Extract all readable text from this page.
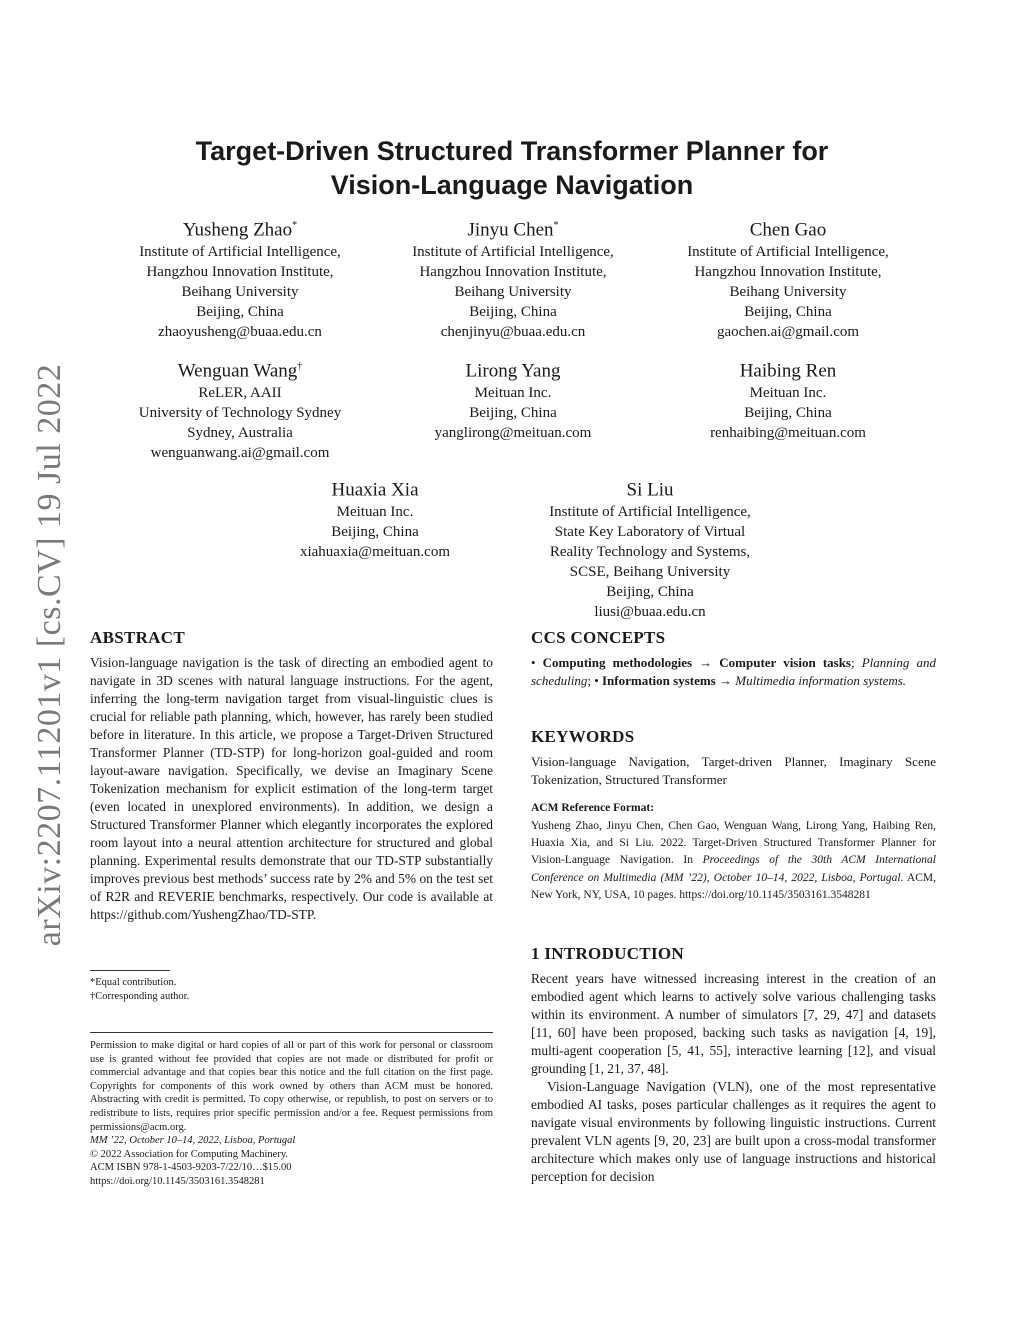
arXiv:2207.11201v1 [cs.CV] 19 Jul 2022
Target-Driven Structured Transformer Planner for
Vision-Language Navigation
Yusheng Zhao*
Institute of Artificial Intelligence,
Hangzhou Innovation Institute,
Beihang University
Beijing, China
zhaoyusheng@buaa.edu.cn
Jinyu Chen*
Institute of Artificial Intelligence,
Hangzhou Innovation Institute,
Beihang University
Beijing, China
chenjinyu@buaa.edu.cn
Chen Gao
Institute of Artificial Intelligence,
Hangzhou Innovation Institute,
Beihang University
Beijing, China
gaochen.ai@gmail.com
Wenguan Wang†
ReLER, AAII
University of Technology Sydney
Sydney, Australia
wenguanwang.ai@gmail.com
Lirong Yang
Meituan Inc.
Beijing, China
yanglirong@meituan.com
Haibing Ren
Meituan Inc.
Beijing, China
renhaibing@meituan.com
Huaxia Xia
Meituan Inc.
Beijing, China
xiahuaxia@meituan.com
Si Liu
Institute of Artificial Intelligence,
State Key Laboratory of Virtual
Reality Technology and Systems,
SCSE, Beihang University
Beijing, China
liusi@buaa.edu.cn
ABSTRACT

Vision-language navigation is the task of directing an embodied agent to navigate in 3D scenes with natural language instructions. For the agent, inferring the long-term navigation target from visual-linguistic clues is crucial for reliable path planning, which, however, has rarely been studied before in literature. In this article, we propose a Target-Driven Structured Transformer Planner (TD-STP) for long-horizon goal-guided and room layout-aware navigation. Specifically, we devise an Imaginary Scene Tokenization mechanism for explicit estimation of the long-term target (even located in unexplored environments). In addition, we design a Structured Transformer Planner which elegantly incorporates the explored room layout into a neural attention architecture for structured and global planning. Experimental results demonstrate that our TD-STP substantially improves previous best methods’ success rate by 2% and 5% on the test set of R2R and REVERIE benchmarks, respectively. Our code is available at https://github.com/YushengZhao/TD-STP.

*Equal contribution.

†Corresponding author.

Permission to make digital or hard copies of all or part of this work for personal or classroom use is granted without fee provided that copies are not made or distributed for profit or commercial advantage and that copies bear this notice and the full citation on the first page. Copyrights for components of this work owned by others than ACM must be honored. Abstracting with credit is permitted. To copy otherwise, or republish, to post on servers or to redistribute to lists, requires prior specific permission and/or a fee. Request permissions from permissions@acm.org.

MM ’22, October 10–14, 2022, Lisboa, Portugal

© 2022 Association for Computing Machinery.

ACM ISBN 978-1-4503-9203-7/22/10…$15.00

https://doi.org/10.1145/3503161.3548281

CCS CONCEPTS

• Computing methodologies → Computer vision tasks; Planning and scheduling; • Information systems → Multimedia information systems.

KEYWORDS

Vision-language Navigation, Target-driven Planner, Imaginary Scene Tokenization, Structured Transformer

ACM Reference Format:

Yusheng Zhao, Jinyu Chen, Chen Gao, Wenguan Wang, Lirong Yang, Haibing Ren, Huaxia Xia, and Si Liu. 2022. Target-Driven Structured Transformer Planner for Vision-Language Navigation. In Proceedings of the 30th ACM International Conference on Multimedia (MM ’22), October 10–14, 2022, Lisboa, Portugal. ACM, New York, NY, USA, 10 pages. https://doi.org/10.1145/3503161.3548281

1 INTRODUCTION

Recent years have witnessed increasing interest in the creation of an embodied agent which learns to actively solve various challenging tasks within its environment. A number of simulators [7, 29, 47] and datasets [11, 60] have been proposed, backing such tasks as navigation [4, 19], multi-agent cooperation [5, 41, 55], interactive learning [12], and visual grounding [1, 21, 37, 48].

Vision-Language Navigation (VLN), one of the most representative embodied AI tasks, poses particular challenges as it requires the agent to navigate visual environments by following linguistic instructions. Current prevalent VLN agents [9, 20, 23] are built upon a cross-modal transformer architecture which makes only use of language instructions and historical perception for decision
